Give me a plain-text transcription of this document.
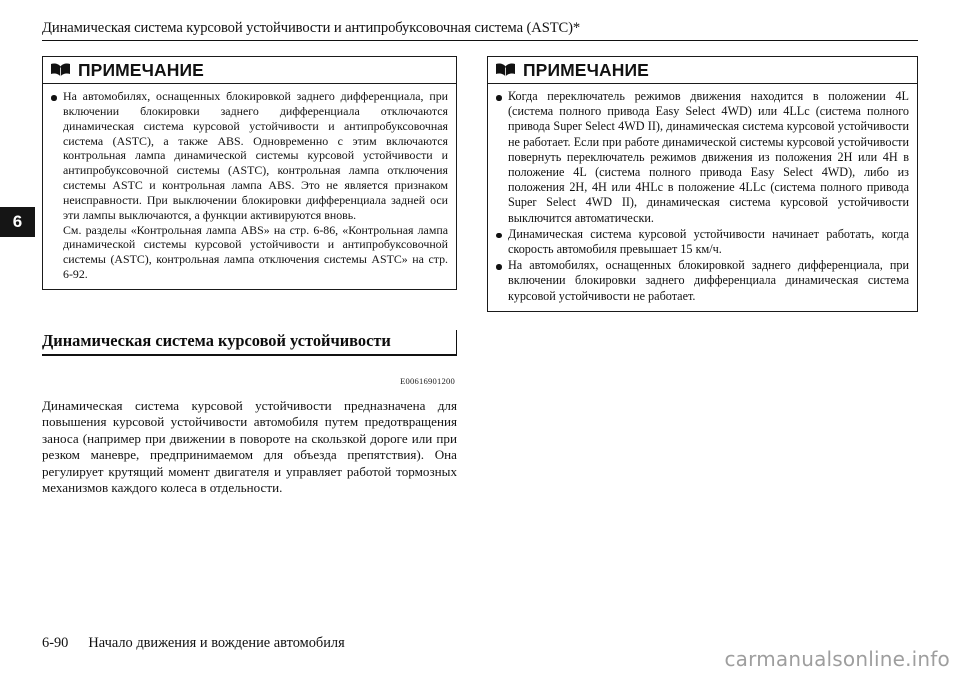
Динамическая система курсовой устойчивости и антипробуксовочная система (ASTC)*
6
ПРИМЕЧАНИЕ

На автомобилях, оснащенных блокировкой заднего дифференциала, при включении блокировки заднего дифференциала отключаются динамическая система курсовой устойчивости и антипробуксовочная система (ASTC), а также ABS. Одновременно с этим включаются контрольная лампа динамической системы курсовой устойчивости и антипробуксовочной системы (ASTC), контрольная лампа отключения системы ASTC и контрольная лампа ABS. Это не является признаком неисправности. При выключении блокировки дифференциала задней оси эти лампы выключаются, а функции активируются вновь.

См. разделы «Контрольная лампа ABS» на стр. 6-86, «Контрольная лампа динамической системы курсовой устойчивости и антипробуксовочной системы (ASTC), контрольная лампа отключения системы ASTC» на стр. 6-92.

Динамическая система курсовой устойчивости
E00616901200

Динамическая система курсовой устойчивости предназначена для повышения курсовой устойчивости автомобиля путем предотвращения заноса (например при движении в повороте на скользкой дороге или при резком маневре, предпринимаемом для объезда препятствия). Она регулирует крутящий момент двигателя и управляет работой тормозных механизмов каждого колеса в отдельности.

ПРИМЕЧАНИЕ

Когда переключатель режимов движения находится в положении 4L (система полного привода Easy Select 4WD) или 4LLc (система полного привода Super Select 4WD II), динамическая система курсовой устойчивости не работает. Если при работе динамической системы курсовой устойчивости повернуть переключатель режимов движения из положения 2H или 4H в положение 4L (система полного привода Easy Select 4WD), либо из положения 2H, 4H или 4HLc в положение 4LLc (система полного привода Super Select 4WD II), динамическая система курсовой устойчивости выключится автоматически.

Динамическая система курсовой устойчивости начинает работать, когда скорость автомобиля превышает 15 км/ч.

На автомобилях, оснащенных блокировкой заднего дифференциала, при включении блокировки заднего дифференциала динамическая система курсовой устойчивости не работает.

6-90 Начало движения и вождение автомобиля
carmanualsonline.info
